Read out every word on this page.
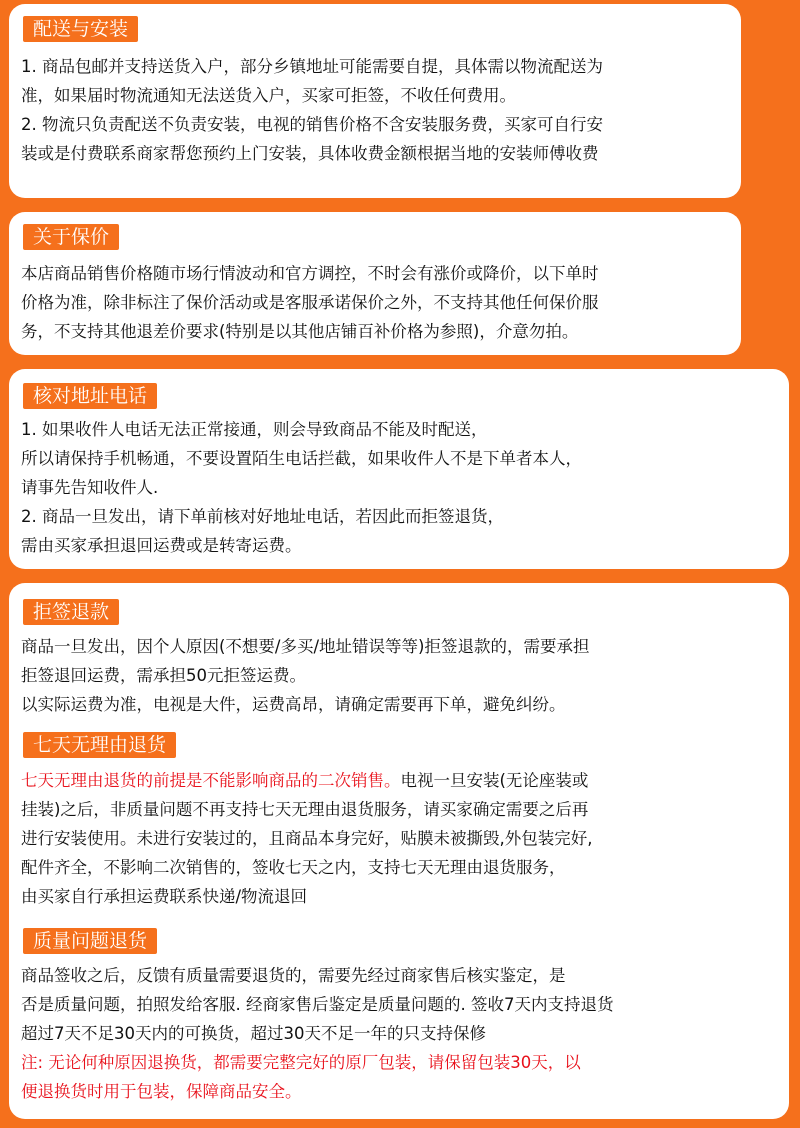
配送与安装
1. 商品包邮并支持送货入户，部分乡镇地址可能需要自提，具体需以物流配送为
准，如果届时物流通知无法送货入户，买家可拒签，不收任何费用。
2. 物流只负责配送不负责安装，电视的销售价格不含安装服务费，买家可自行安
装或是付费联系商家帮您预约上门安装，具体收费金额根据当地的安装师傅收费
关于保价
本店商品销售价格随市场行情波动和官方调控，不时会有涨价或降价，以下单时
价格为准，除非标注了保价活动或是客服承诺保价之外，不支持其他任何保价服
务，不支持其他退差价要求(特别是以其他店铺百补价格为参照)，介意勿拍。
核对地址电话
1. 如果收件人电话无法正常接通，则会导致商品不能及时配送，
所以请保持手机畅通，不要设置陌生电话拦截，如果收件人不是下单者本人，
请事先告知收件人.
2. 商品一旦发出，请下单前核对好地址电话，若因此而拒签退货，
需由买家承担退回运费或是转寄运费。
拒签退款
商品一旦发出，因个人原因(不想要/多买/地址错误等等)拒签退款的，需要承担
拒签退回运费，需承担50元拒签运费。
以实际运费为准，电视是大件，运费高昂，请确定需要再下单，避免纠纷。
七天无理由退货
七天无理由退货的前提是不能影响商品的二次销售。电视一旦安装(无论座装或
挂装)之后，非质量问题不再支持七天无理由退货服务，请买家确定需要之后再
进行安装使用。未进行安装过的，且商品本身完好，贴膜未被撕毁,外包装完好,
配件齐全，不影响二次销售的，签收七天之内，支持七天无理由退货服务，
由买家自行承担运费联系快递/物流退回
质量问题退货
商品签收之后，反馈有质量需要退货的，需要先经过商家售后核实鉴定，是
否是质量问题，拍照发给客服. 经商家售后鉴定是质量问题的. 签收7天内支持退货
超过7天不足30天内的可换货，超过30天不足一年的只支持保修
注: 无论何种原因退换货，都需要完整完好的原厂包装，请保留包装30天，以
便退换货时用于包装，保障商品安全。
